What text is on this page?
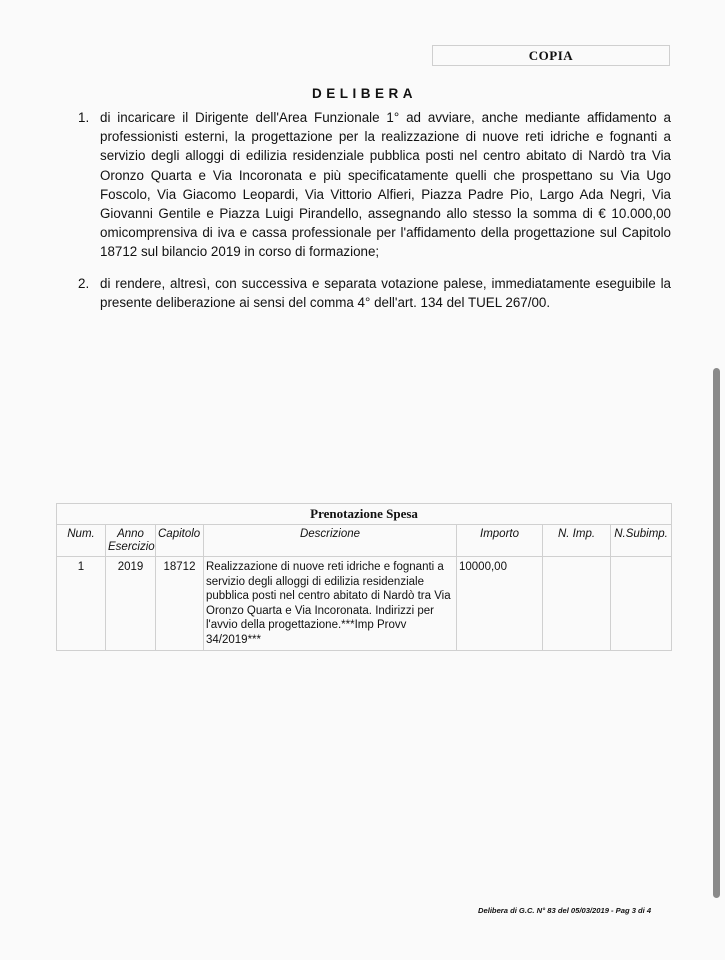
COPIA
DELIBERA
1. di incaricare il Dirigente dell'Area Funzionale 1° ad avviare, anche mediante affidamento a professionisti esterni, la progettazione per la realizzazione di nuove reti idriche e fognanti a servizio degli alloggi di edilizia residenziale pubblica posti nel centro abitato di Nardò tra Via Oronzo Quarta e Via Incoronata e più specificatamente quelli che prospettano su Via Ugo Foscolo, Via Giacomo Leopardi, Via Vittorio Alfieri, Piazza Padre Pio, Largo Ada Negri, Via Giovanni Gentile e Piazza Luigi Pirandello, assegnando allo stesso la somma di € 10.000,00 omicomprensiva di iva e cassa professionale per l'affidamento della progettazione sul Capitolo 18712 sul bilancio 2019 in corso di formazione;
2. di rendere, altresì, con successiva e separata votazione palese, immediatamente eseguibile la presente deliberazione ai sensi del comma 4° dell'art. 134 del TUEL 267/00.
Prenotazione Spesa						
Num.	Anno Esercizio	Capitolo	Descrizione	Importo	N. Imp.	N.Subimp.
1	2019	18712	Realizzazione di nuove reti idriche e fognanti a servizio degli alloggi di edilizia residenziale pubblica posti nel centro abitato di Nardò tra Via Oronzo Quarta e Via Incoronata. Indirizzi per l'avvio della progettazione.***Imp Provv 34/2019***	10000,00		
Delibera di G.C. N° 83 del 05/03/2019 - Pag 3 di 4
